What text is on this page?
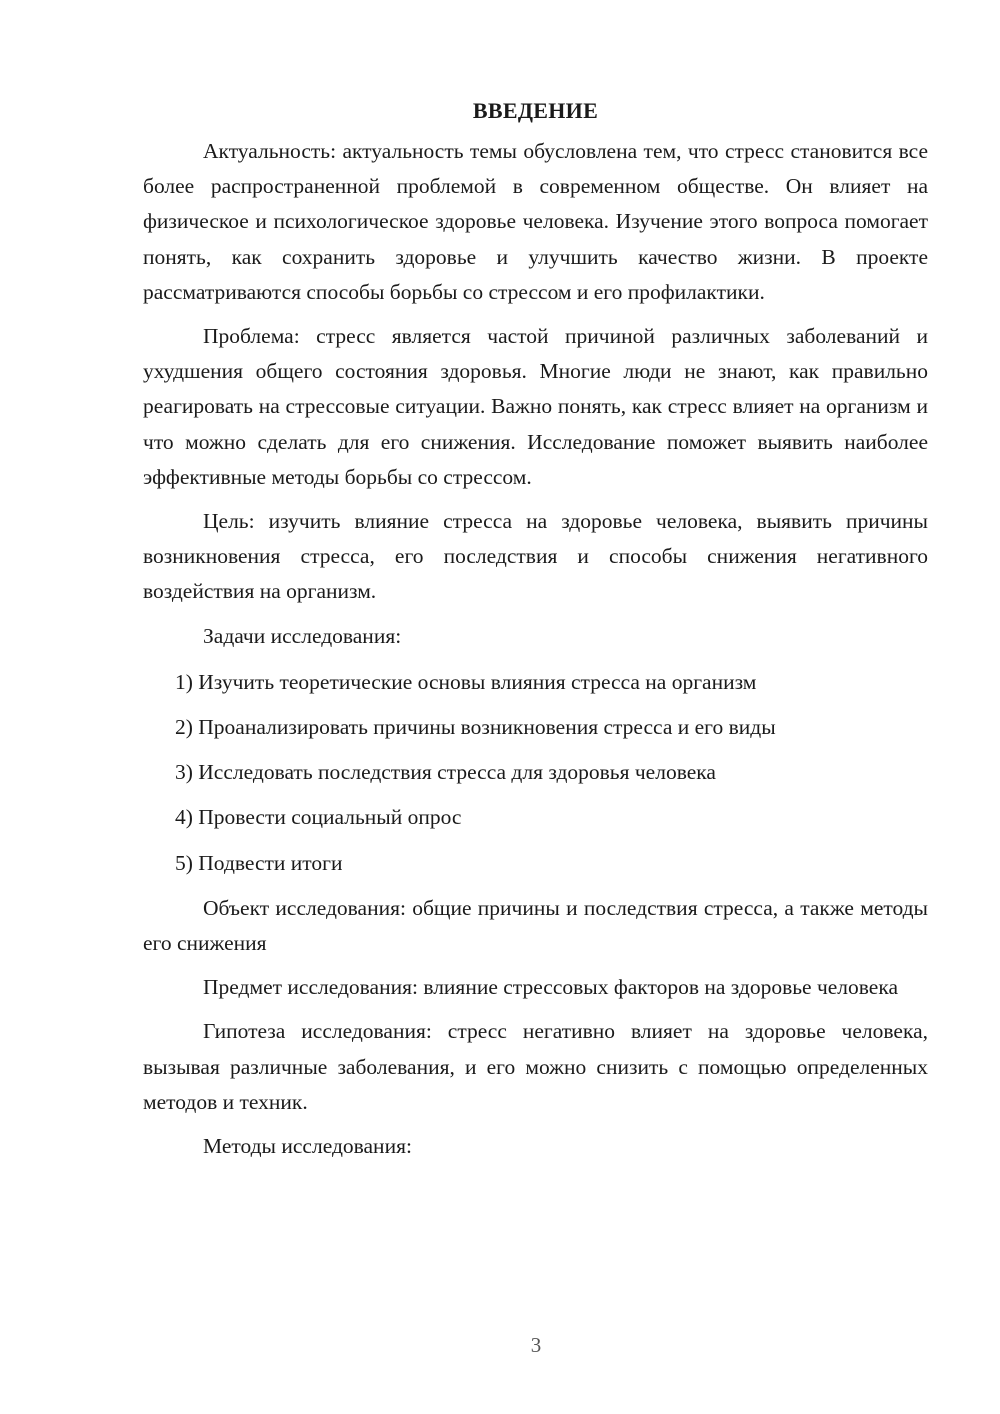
ВВЕДЕНИЕ

Актуальность: актуальность темы обусловлена тем, что стресс становится все более распространенной проблемой в современном обществе. Он влияет на физическое и психологическое здоровье человека. Изучение этого вопроса помогает понять, как сохранить здоровье и улучшить качество жизни. В проекте рассматриваются способы борьбы со стрессом и его профилактики.

Проблема: стресс является частой причиной различных заболеваний и ухудшения общего состояния здоровья. Многие люди не знают, как правильно реагировать на стрессовые ситуации. Важно понять, как стресс влияет на организм и что можно сделать для его снижения. Исследование поможет выявить наиболее эффективные методы борьбы со стрессом.

Цель: изучить влияние стресса на здоровье человека, выявить причины возникновения стресса, его последствия и способы снижения негативного воздействия на организм.

Задачи исследования:

1) Изучить теоретические основы влияния стресса на организм
2) Проанализировать причины возникновения стресса и его виды
3) Исследовать последствия стресса для здоровья человека
4) Провести социальный опрос
5) Подвести итоги

Объект исследования: общие причины и последствия стресса, а также методы его снижения

Предмет исследования: влияние стрессовых факторов на здоровье человека

Гипотеза исследования: стресс негативно влияет на здоровье человека, вызывая различные заболевания, и его можно снизить с помощью определенных методов и техник.

Методы исследования:

3
